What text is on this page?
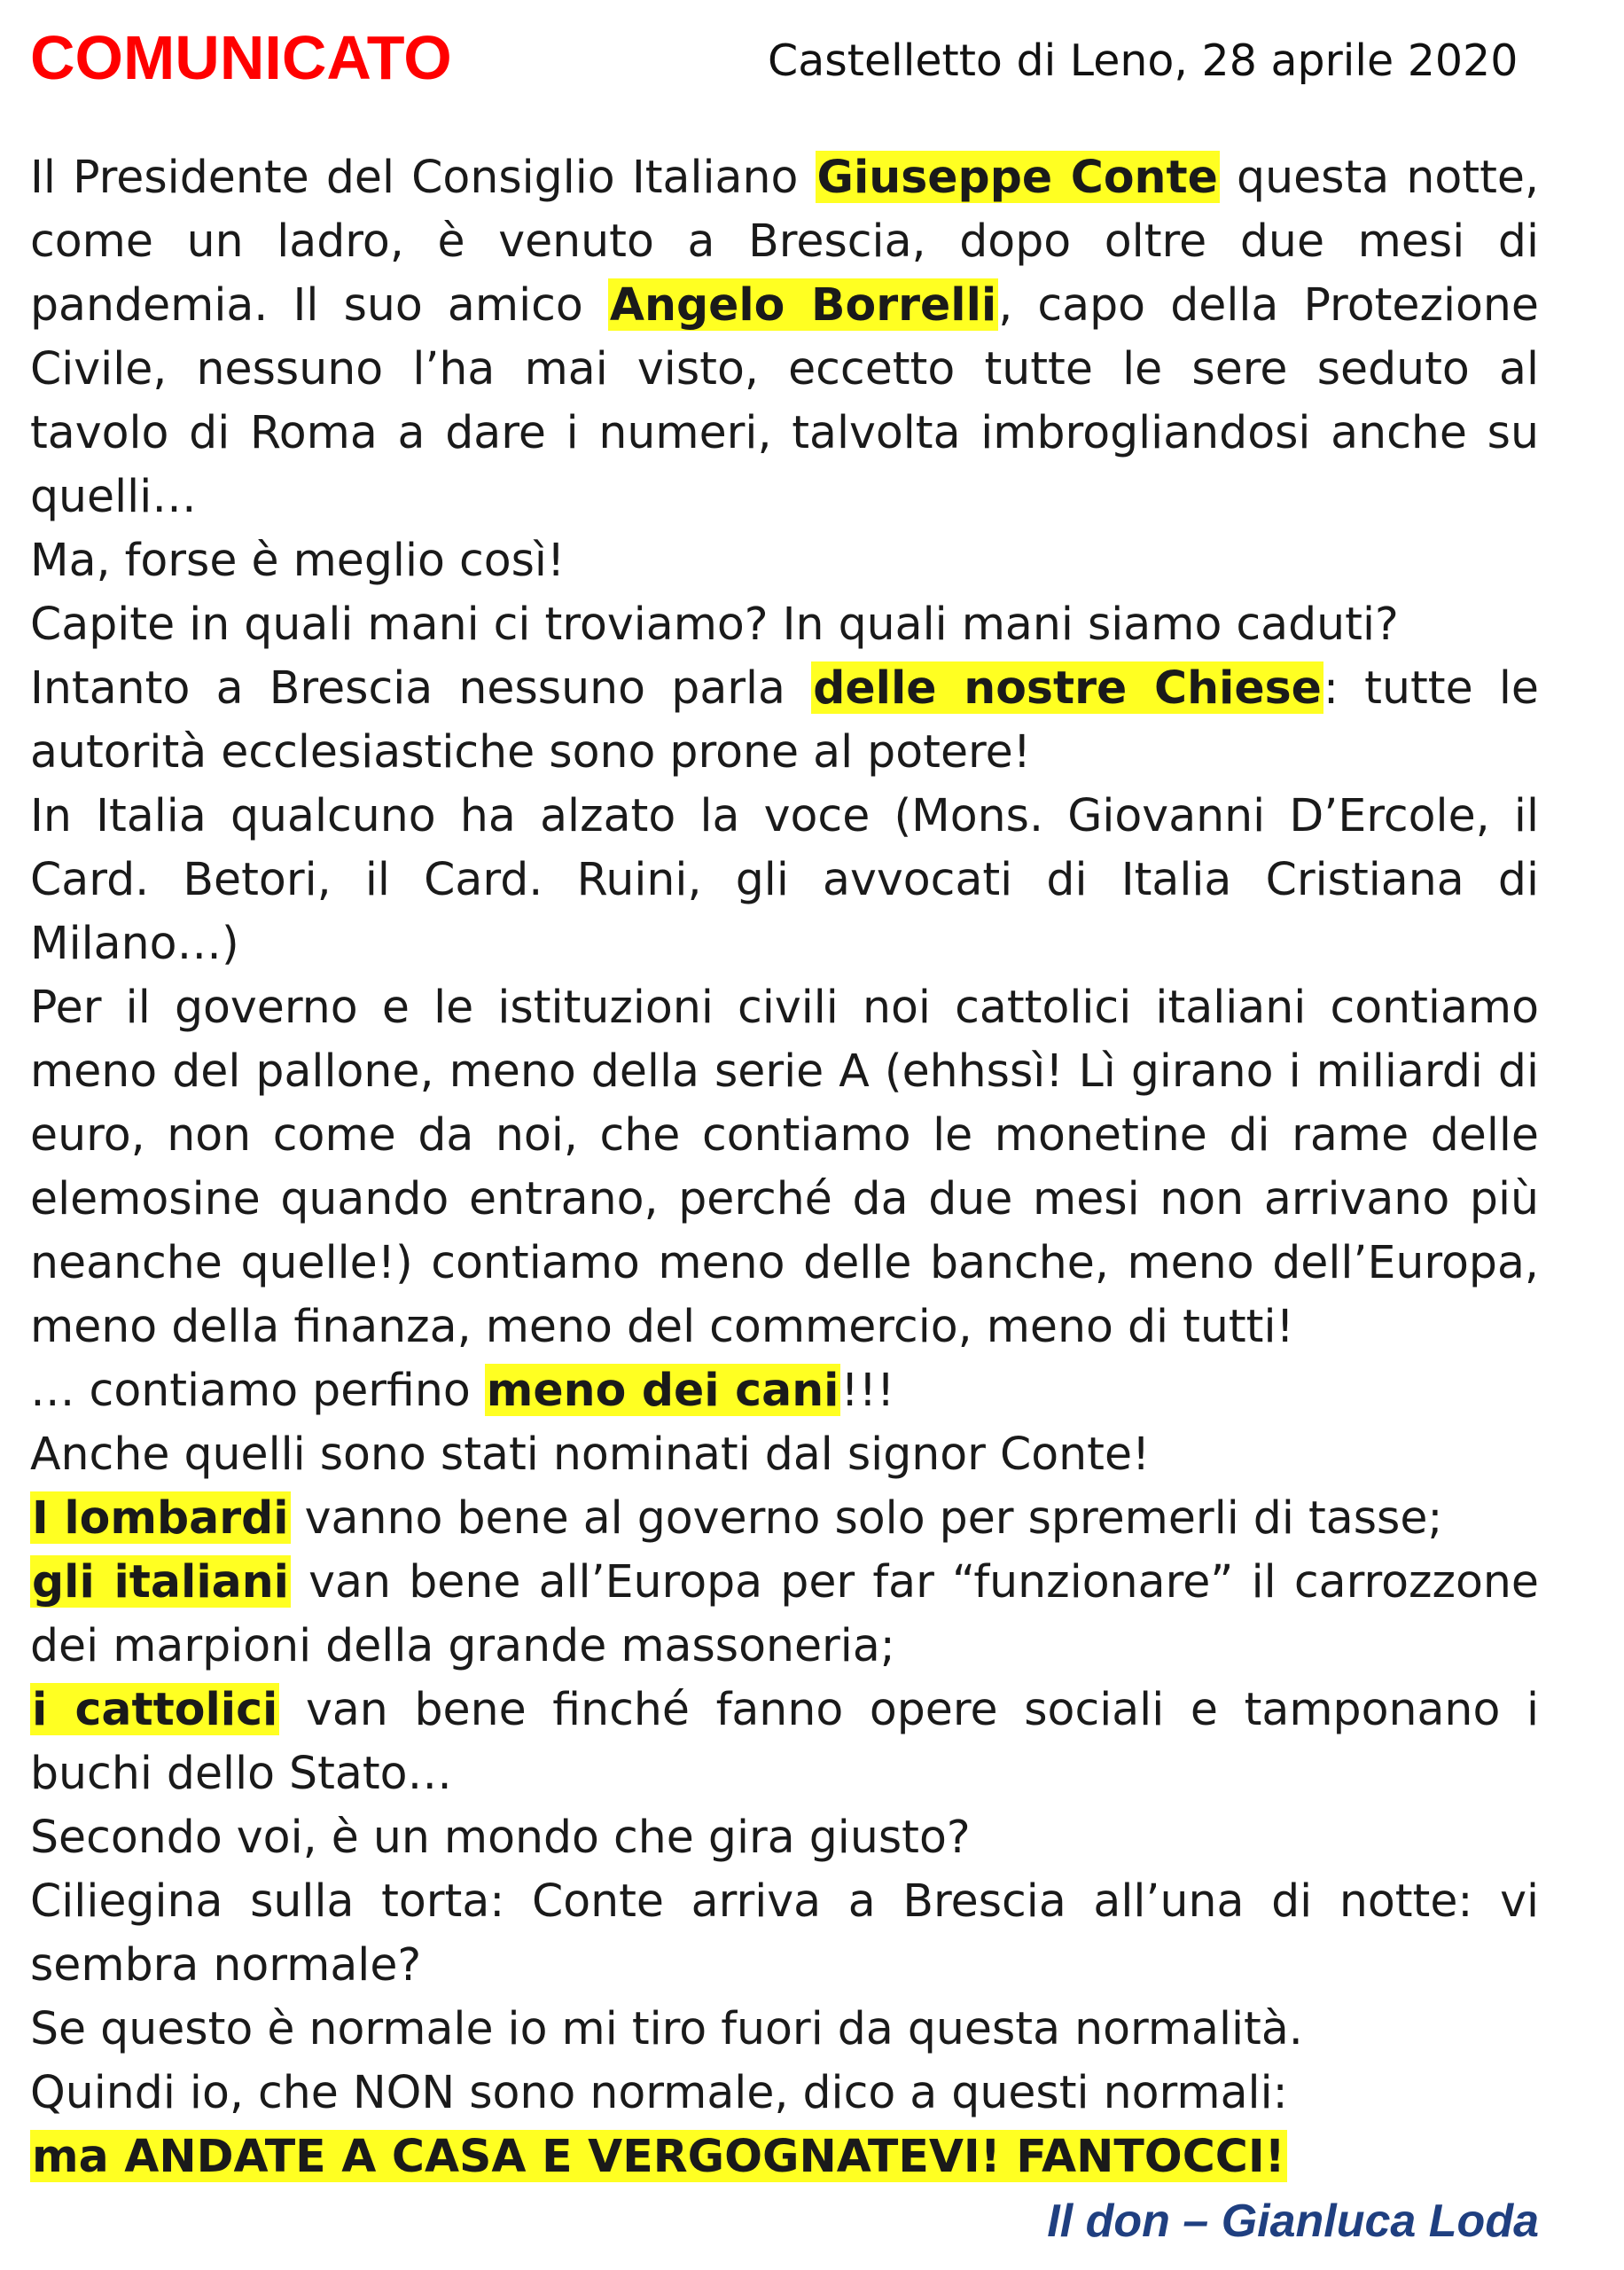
COMUNICATO	Castelletto di Leno, 28 aprile 2020

Il Presidente del Consiglio Italiano Giuseppe Conte questa notte, come un ladro, è venuto a Brescia, dopo oltre due mesi di pandemia. Il suo amico Angelo Borrelli, capo della Protezione Civile, nessuno l’ha mai visto, eccetto tutte le sere seduto al tavolo di Roma a dare i numeri, talvolta imbrogliandosi anche su quelli…

Ma, forse è meglio così!

Capite in quali mani ci troviamo? In quali mani siamo caduti?

Intanto a Brescia nessuno parla delle nostre Chiese: tutte le autorità ecclesiastiche sono prone al potere!

In Italia qualcuno ha alzato la voce (Mons. Giovanni D’Ercole, il Card. Betori, il Card. Ruini, gli avvocati di Italia Cristiana di Milano…)

Per il governo e le istituzioni civili noi cattolici italiani contiamo meno del pallone, meno della serie A (ehhssì! Lì girano i miliardi di euro, non come da noi, che contiamo le monetine di rame delle elemosine quando entrano, perché da due mesi non arrivano più neanche quelle!) contiamo meno delle banche, meno dell’Europa, meno della finanza, meno del commercio, meno di tutti!

… contiamo perfino meno dei cani!!!

Anche quelli sono stati nominati dal signor Conte!

I lombardi vanno bene al governo solo per spremerli di tasse;

gli italiani van bene all’Europa per far “funzionare” il carrozzone dei marpioni della grande massoneria;

i cattolici van bene finché fanno opere sociali e tamponano i buchi dello Stato…

Secondo voi, è un mondo che gira giusto?

Ciliegina sulla torta: Conte arriva a Brescia all’una di notte: vi sembra normale?

Se questo è normale io mi tiro fuori da questa normalità.

Quindi io, che NON sono normale, dico a questi normali:

ma ANDATE A CASA E VERGOGNATEVI! FANTOCCI!

Il don – Gianluca Loda
